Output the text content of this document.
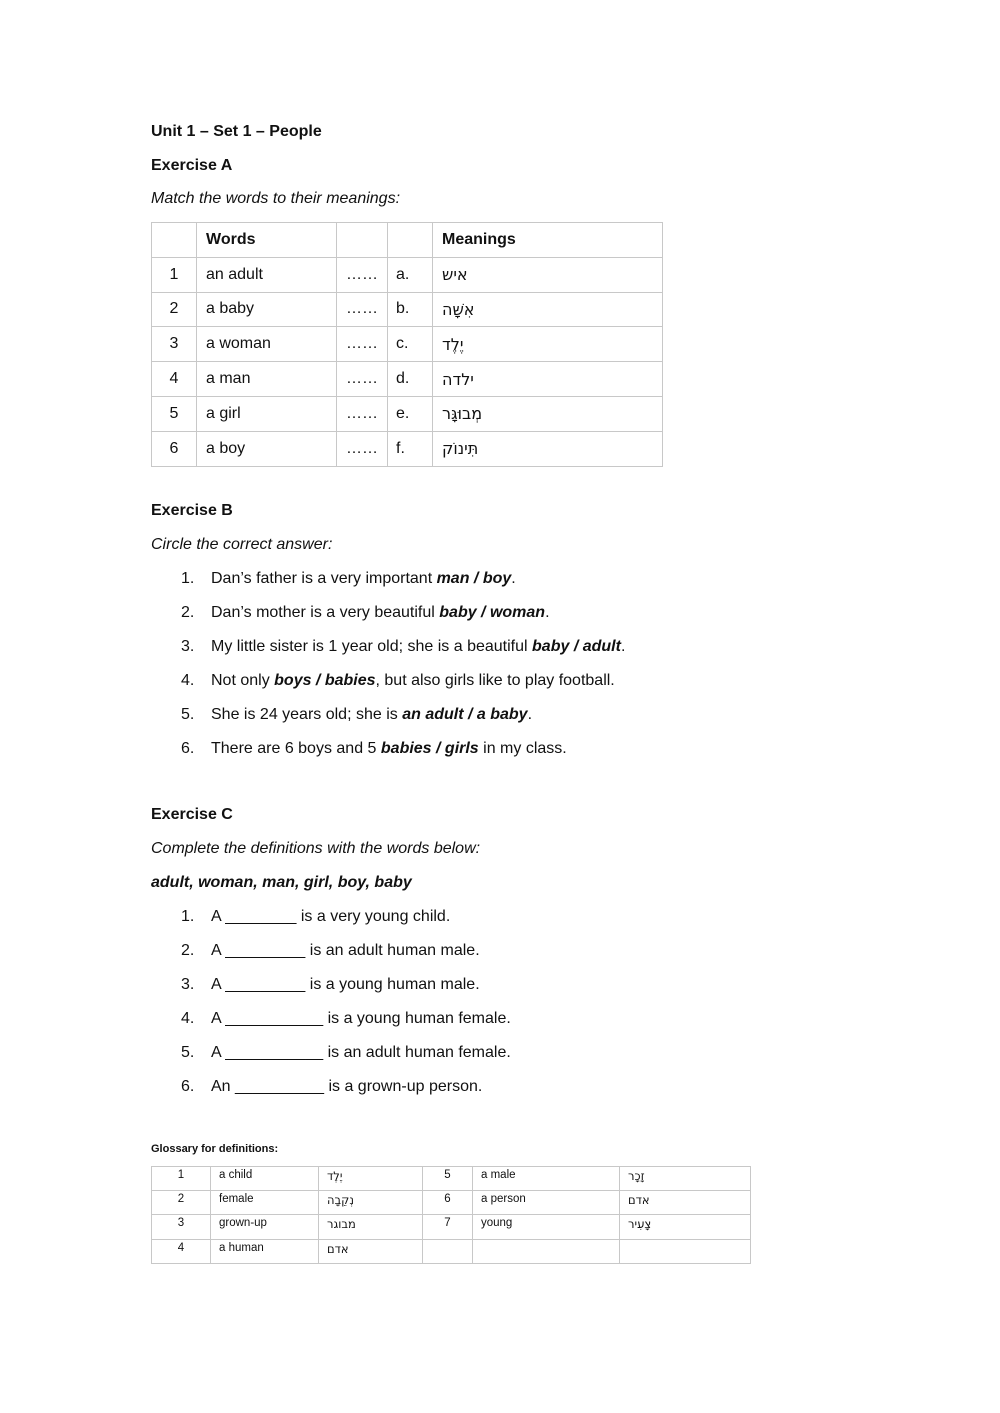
Unit 1 – Set 1 – People
Exercise A
Match the words to their meanings:
	Words			Meanings
1	an adult	……	a.	איש
2	a baby	……	b.	אִשָּׁה
3	a woman	……	c.	יֶלֶד
4	a man	……	d.	ילדה
5	a girl	……	e.	מְבוּגָּר
6	a boy	……	f.	תִּינוֹק
Exercise B
Circle the correct answer:
1.	Dan’s father is a very important man / boy.
2.	Dan’s mother is a very beautiful baby / woman.
3.	My little sister is 1 year old; she is a beautiful baby / adult.
4.	Not only boys / babies, but also girls like to play football.
5.	She is 24 years old; she is an adult / a baby.
6.	There are 6 boys and 5 babies / girls in my class.
Exercise C
Complete the definitions with the words below:
adult, woman, man, girl, boy, baby
1.	A ________ is a very young child.
2.	A _________ is an adult human male.
3.	A _________ is a young human male.
4.	A ___________ is a young human female.
5.	A ___________ is an adult human female.
6.	An __________ is a grown-up person.
Glossary for definitions:
1	a child	יֶלֶד	5	a male	זָכָר
2	female	נְקֵבָה	6	a person	אדם
3	grown-up	מבוגר	7	young	צָעִיר
4	a human	אדם			
